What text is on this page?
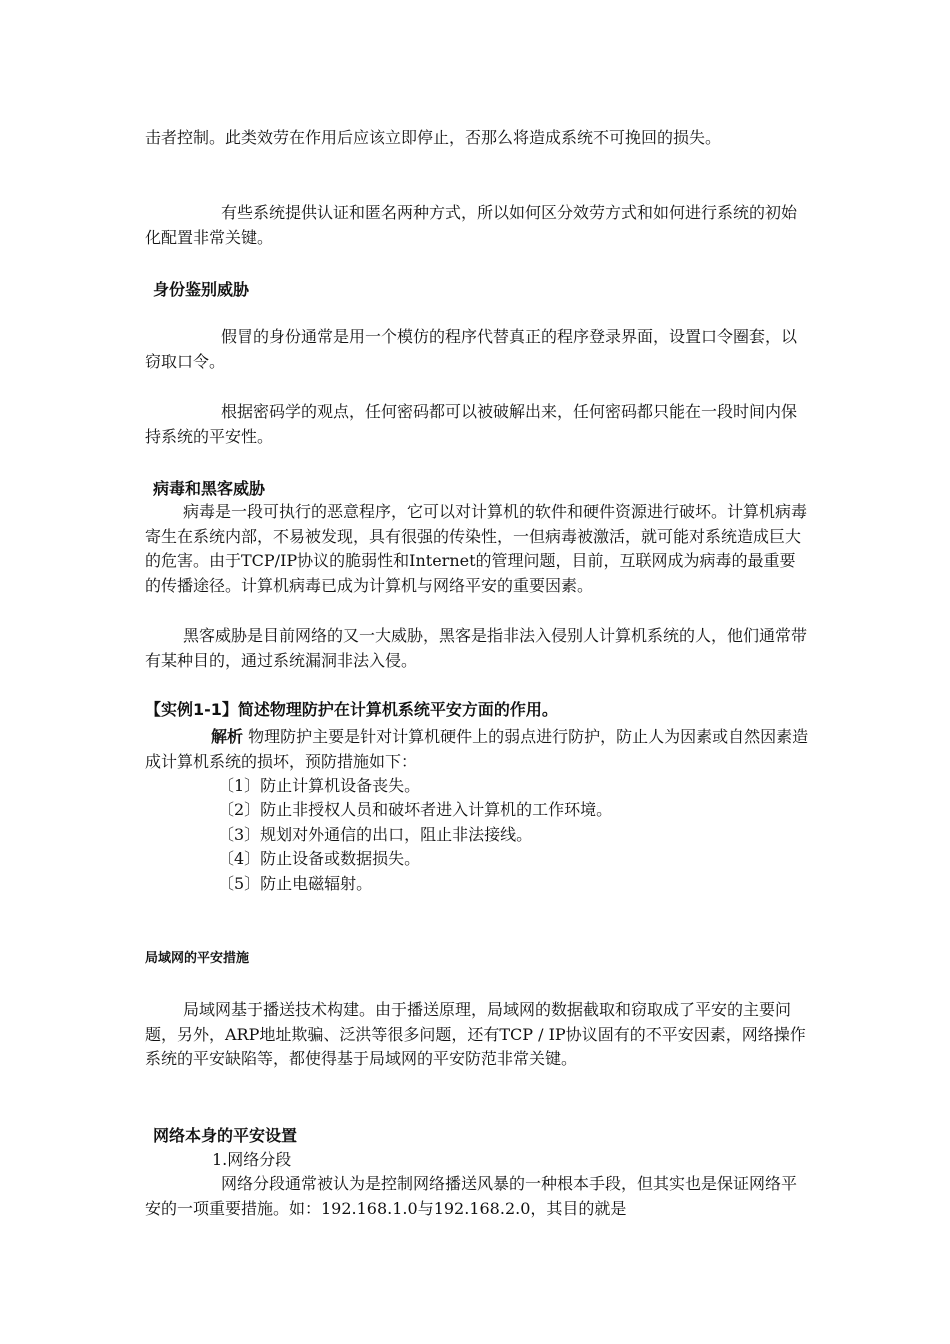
击者控制。此类效劳在作用后应该立即停止，否那么将造成系统不可挽回的损失。

有些系统提供认证和匿名两种方式，所以如何区分效劳方式和如何进行系统的初始化配置非常关键。

身份鉴别威胁

假冒的身份通常是用一个模仿的程序代替真正的程序登录界面，设置口令圈套，以窃取口令。

根据密码学的观点，任何密码都可以被破解出来，任何密码都只能在一段时间内保持系统的平安性。

病毒和黑客威胁

病毒是一段可执行的恶意程序，它可以对计算机的软件和硬件资源进行破坏。计算机病毒寄生在系统内部，不易被发现，具有很强的传染性，一但病毒被激活，就可能对系统造成巨大的危害。由于TCP/IP协议的脆弱性和Internet的管理问题，目前，互联网成为病毒的最重要的传播途径。计算机病毒已成为计算机与网络平安的重要因素。

黑客威胁是目前网络的又一大威胁，黑客是指非法入侵别人计算机系统的人，他们通常带有某种目的，通过系统漏洞非法入侵。

【实例1-1】简述物理防护在计算机系统平安方面的作用。

解析 物理防护主要是针对计算机硬件上的弱点进行防护，防止人为因素或自然因素造成计算机系统的损坏，预防措施如下：

〔1〕防止计算机设备丧失。

〔2〕防止非授权人员和破坏者进入计算机的工作环境。

〔3〕规划对外通信的出口，阻止非法接线。

〔4〕防止设备或数据损失。

〔5〕防止电磁辐射。

局域网的平安措施

局域网基于播送技术构建。由于播送原理，局域网的数据截取和窃取成了平安的主要问题，另外，ARP地址欺骗、泛洪等很多问题，还有TCP / IP协议固有的不平安因素，网络操作系统的平安缺陷等，都使得基于局域网的平安防范非常关键。

网络本身的平安设置

1.网络分段

网络分段通常被认为是控制网络播送风暴的一种根本手段，但其实也是保证网络平安的一项重要措施。如：192.168.1.0与192.168.2.0，其目的就是
